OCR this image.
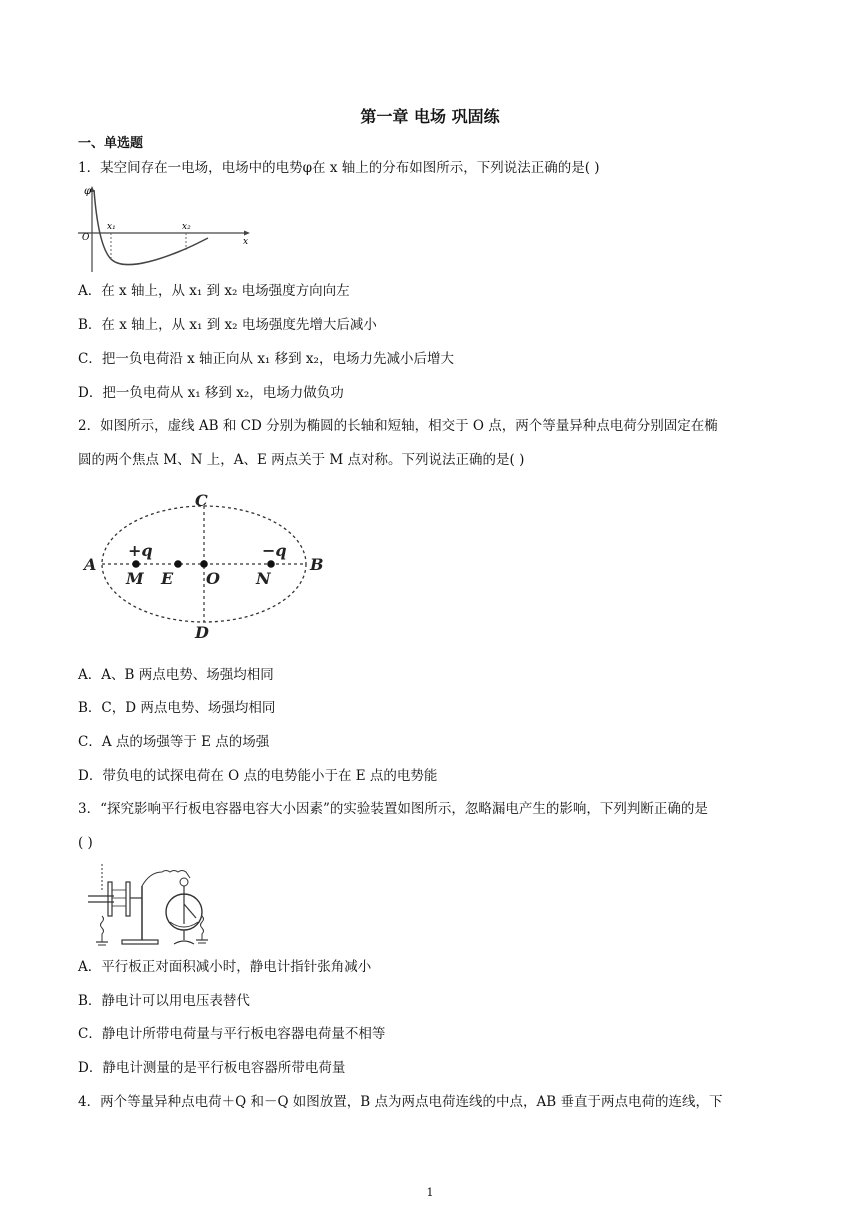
第一章 电场 巩固练
一、单选题
1．某空间存在一电场，电场中的电势φ在 x 轴上的分布如图所示，下列说法正确的是( )
φ
x
O
x₁	x₂
A．在 x 轴上，从 x₁ 到 x₂ 电场强度方向向左
B．在 x 轴上，从 x₁ 到 x₂ 电场强度先增大后减小
C．把一负电荷沿 x 轴正向从 x₁ 移到 x₂，电场力先减小后增大
D．把一负电荷从 x₁ 移到 x₂，电场力做负功
2．如图所示，虚线 AB 和 CD 分别为椭圆的长轴和短轴，相交于 O 点，两个等量异种点电荷分别固定在椭
圆的两个焦点 M、N 上，A、E 两点关于 M 点对称。下列说法正确的是( )
C
D
A	B
M E O N
+q	−q
A．A、B 两点电势、场强均相同
B．C，D 两点电势、场强均相同
C．A 点的场强等于 E 点的场强
D．带负电的试探电荷在 O 点的电势能小于在 E 点的电势能
3．“探究影响平行板电容器电容大小因素”的实验装置如图所示，忽略漏电产生的影响，下列判断正确的是
( )
A．平行板正对面积减小时，静电计指针张角减小
B．静电计可以用电压表替代
C．静电计所带电荷量与平行板电容器电荷量不相等
D．静电计测量的是平行板电容器所带电荷量
4．两个等量异种点电荷＋Q 和－Q 如图放置，B 点为两点电荷连线的中点，AB 垂直于两点电荷的连线，下
1
